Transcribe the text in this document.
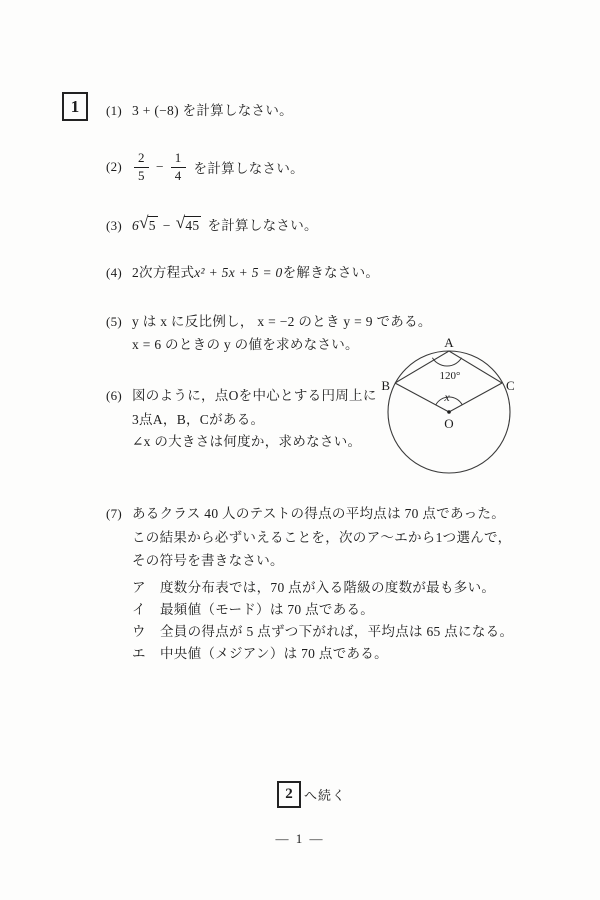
1 (1) 3 + (−8) を計算しなさい。
$(2) \frac{2}{5} - \frac{1}{4}$ を計算しなさい。
(3) 6 √ 5 − √ 45 を計算しなさい。
(4) 2次方程式 x² + 5x + 5 = 0 を解きなさい。
(5) y は x に反比例し， x = −2 のとき y = 9 である。
x = 6 のときの y の値を求めなさい。
(6) 図のように，点Oを中心とする円周上に
3点A，B，Cがある。
∠x の大きさは何度か，求めなさい。
A
B	C
O
120°
x
(7) あるクラス 40 人のテストの得点の平均点は 70 点であった。
この結果から必ずいえることを，次のア～エから1つ選んで，
その符号を書きなさい。
ア	度数分布表では，70 点が入る階級の度数が最も多い。
イ	最頻値（モード）は 70 点である。
ウ	全員の得点が 5 点ずつ下がれば，平均点は 65 点になる。
エ	中央値（メジアン）は 70 点である。
2 へ続く
— 1 —
